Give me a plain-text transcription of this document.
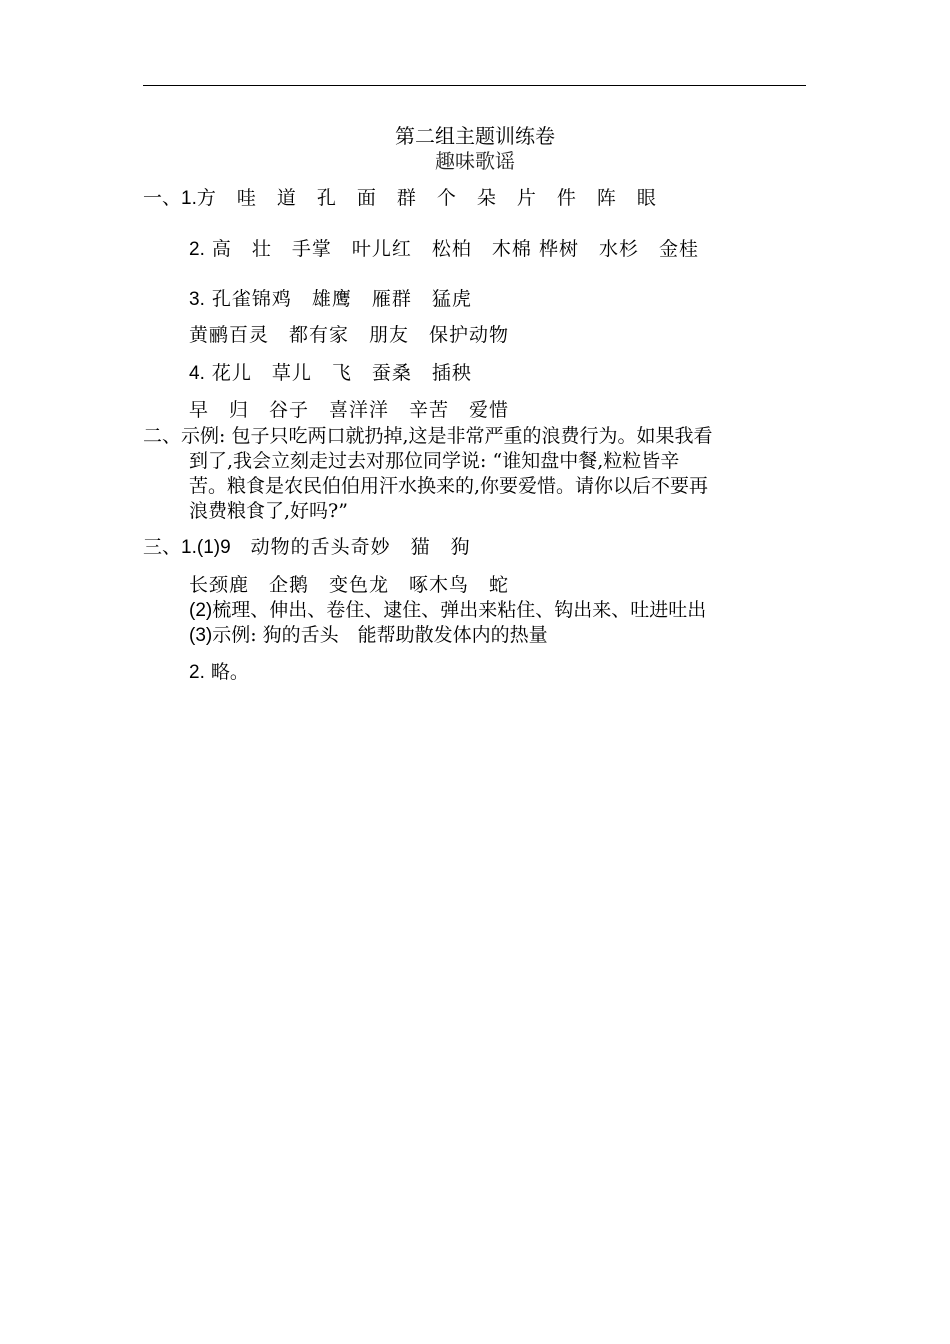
第二组主题训练卷
趣味歌谣
一、1.方　哇　道　孔　面　群　个　朵　片　件　阵　眼
2. 高　壮　手掌　叶儿红　松柏　木棉 桦树　水杉　金桂
3. 孔雀锦鸡　雄鹰　雁群　猛虎
黄鹂百灵　都有家　朋友　保护动物
4. 花儿　草儿　飞　蚕桑　插秧
早　归　谷子　喜洋洋　辛苦　爱惜
二、示例: 包子只吃两口就扔掉,这是非常严重的浪费行为。如果我看
到了,我会立刻走过去对那位同学说: “谁知盘中餐,粒粒皆辛
苦。粮食是农民伯伯用汗水换来的,你要爱惜。请你以后不要再
浪费粮食了,好吗?”
三、1.(1)9　动物的舌头奇妙　猫　狗
长颈鹿　企鹅　变色龙　啄木鸟　蛇
(2)梳理、伸出、卷住、逮住、弹出来粘住、钩出来、吐进吐出
(3)示例: 狗的舌头　能帮助散发体内的热量
2. 略。
